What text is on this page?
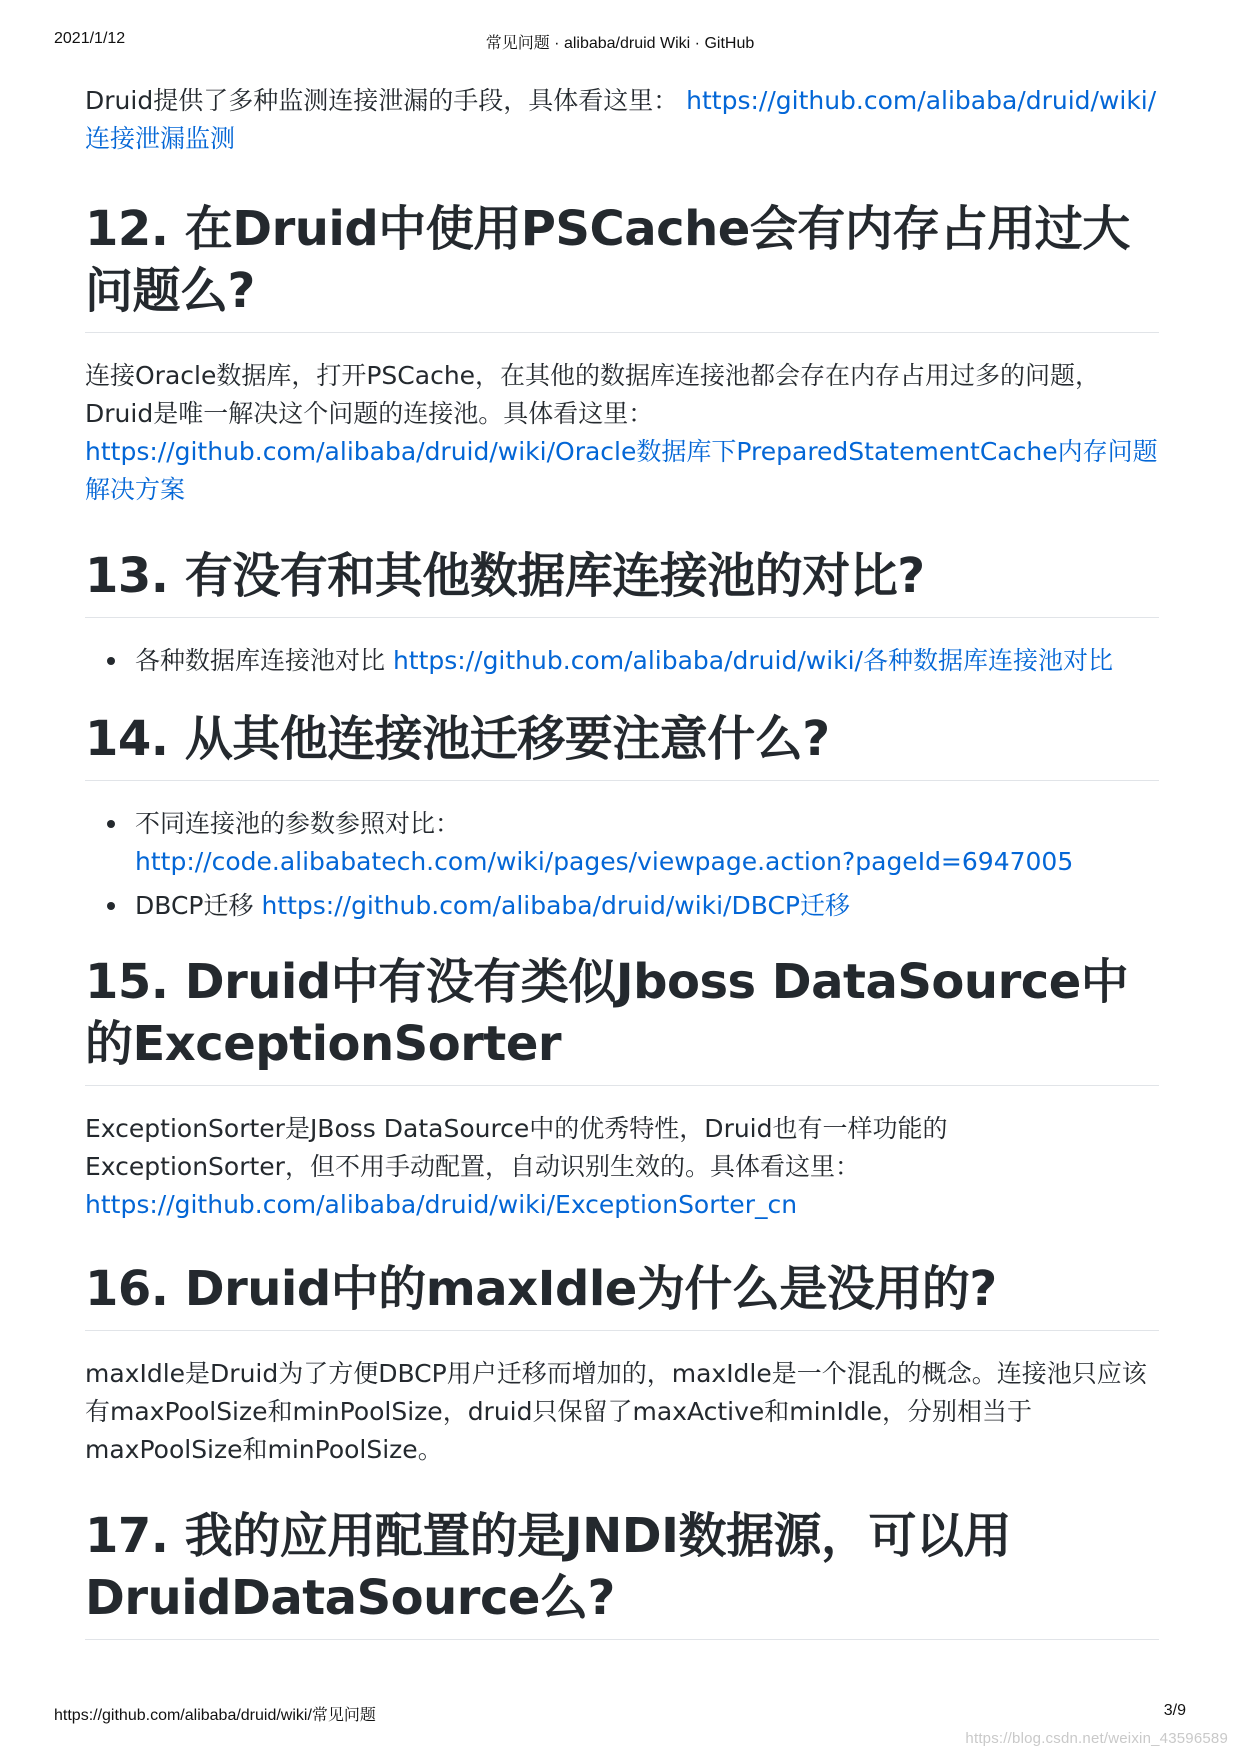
2021/1/12	常见问题 · alibaba/druid Wiki · GitHub

Druid提供了多种监测连接泄漏的手段，具体看这里： https://github.com/alibaba/druid/wiki/连接泄漏监测

12. 在Druid中使用PSCache会有内存占用过大问题么?

连接Oracle数据库，打开PSCache，在其他的数据库连接池都会存在内存占用过多的问题，Druid是唯一解决这个问题的连接池。具体看这里： https://github.com/alibaba/druid/wiki/Oracle数据库下PreparedStatementCache内存问题解决方案

13. 有没有和其他数据库连接池的对比?
各种数据库连接池对比 https://github.com/alibaba/druid/wiki/各种数据库连接池对比
14. 从其他连接池迁移要注意什么?
不同连接池的参数参照对比： http://code.alibabatech.com/wiki/pages/viewpage.action?pageId=6947005
DBCP迁移 https://github.com/alibaba/druid/wiki/DBCP迁移
15. Druid中有没有类似Jboss DataSource中的ExceptionSorter

ExceptionSorter是JBoss DataSource中的优秀特性，Druid也有一样功能的ExceptionSorter，但不用手动配置，自动识别生效的。具体看这里：
https://github.com/alibaba/druid/wiki/ExceptionSorter_cn

16. Druid中的maxIdle为什么是没用的?

maxIdle是Druid为了方便DBCP用户迁移而增加的，maxIdle是一个混乱的概念。连接池只应该有maxPoolSize和minPoolSize，druid只保留了maxActive和minIdle，分别相当于maxPoolSize和minPoolSize。

17. 我的应用配置的是JNDI数据源，可以用DruidDataSource么?
https://github.com/alibaba/druid/wiki/常见问题	3/9
https://blog.csdn.net/weixin_43596589
